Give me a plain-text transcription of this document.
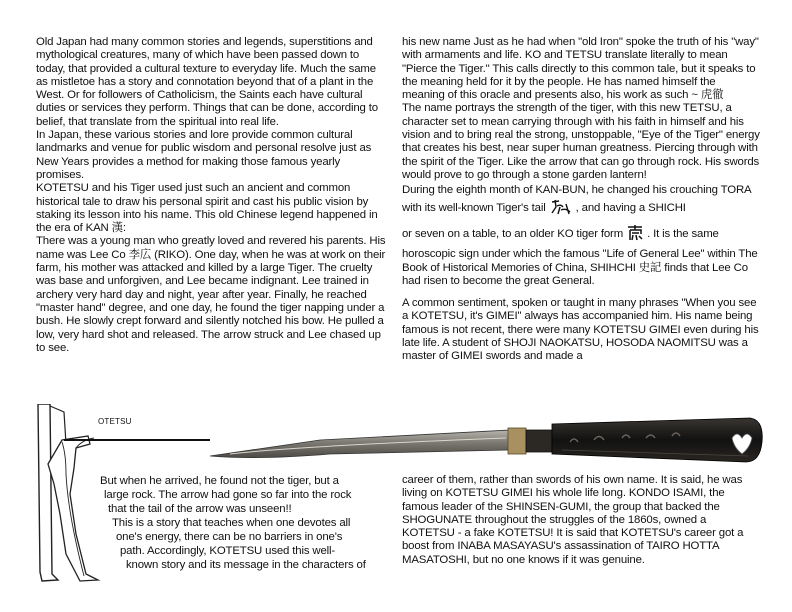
Old Japan had many common stories and legends, superstitions and mythological creatures, many of which have been passed down to today, that provided a cultural texture to everyday life. Much the same as mistletoe has a story and connotation beyond that of a plant in the West. Or for followers of Catholicism, the Saints each have cultural duties or services they perform. Things that can be done, according to belief, that translate from the spiritual into real life.

In Japan, these various stories and lore provide common cultural landmarks and venue for public wisdom and personal resolve just as New Years provides a method for making those famous yearly promises.

KOTETSU and his Tiger used just such an ancient and common historical tale to draw his personal spirit and cast his public vision by staking its lesson into his name. This old Chinese legend happened in the era of KAN 漢:

There was a young man who greatly loved and revered his parents. His name was Lee Co 李広 (RIKO). One day, when he was at work on their farm, his mother was attacked and killed by a large Tiger. The cruelty was base and unforgiven, and Lee became indignant. Lee trained in archery very hard day and night, year after year. Finally, he reached "master hand" degree, and one day, he found the tiger napping under a bush. He slowly crept forward and silently notched his bow. He pulled a low, very hard shot and released. The arrow struck and Lee chased up to see.

his new name Just as he had when "old Iron" spoke the truth of his "way" with armaments and life. KO and TETSU translate literally to mean "Pierce the Tiger." This calls directly to this common tale, but it speaks to the meaning held for it by the people. He has named himself the meaning of this oracle and presents also, his work as such ~ 虎徹

The name portrays the strength of the tiger, with this new TETSU, a character set to mean carrying through with his faith in himself and his vision and to bring real the strong, unstoppable, "Eye of the Tiger" energy that creates his best, near super human greatness. Piercing through with the spirit of the Tiger. Like the arrow that can go through rock. His swords would prove to go through a stone garden lantern!

During the eighth month of KAN-BUN, he changed his crouching TORA with its well-known Tiger's tail	, and having a SHICHI

or seven on a table, to an older KO tiger form . It is the same

horoscopic sign under which the famous "Life of General Lee" within The Book of Historical Memories of China, SHIHCHI 史記 finds that Lee Co had risen to become the great General.

A common sentiment, spoken or taught in many phrases "When you see a KOTETSU, it's GIMEI" always has accompanied him. His name being famous is not recent, there were many KOTETSU GIMEI even during his late life. A student of SHOJI NAOKATSU, HOSODA NAOMITSU was a master of GIMEI swords and made a

OTETSU
But when he arrived, he found not the tiger, but a
large rock. The arrow had gone so far into the rock
that the tail of the arrow was unseen!!
This is a story that teaches when one devotes all
one's energy, there can be no barriers in one's
path. Accordingly, KOTETSU used this well-
known story and its message in the characters of

career of them, rather than swords of his own name. It is said, he was living on KOTETSU GIMEI his whole life long. KONDO ISAMI, the famous leader of the SHINSEN-GUMI, the group that backed the SHOGUNATE throughout the struggles of the 1860s, owned a KOTETSU - a fake KOTETSU! It is said that KOTETSU's career got a boost from INABA MASAYASU's assassination of TAIRO HOTTA MASATOSHI, but no one knows if it was genuine.
